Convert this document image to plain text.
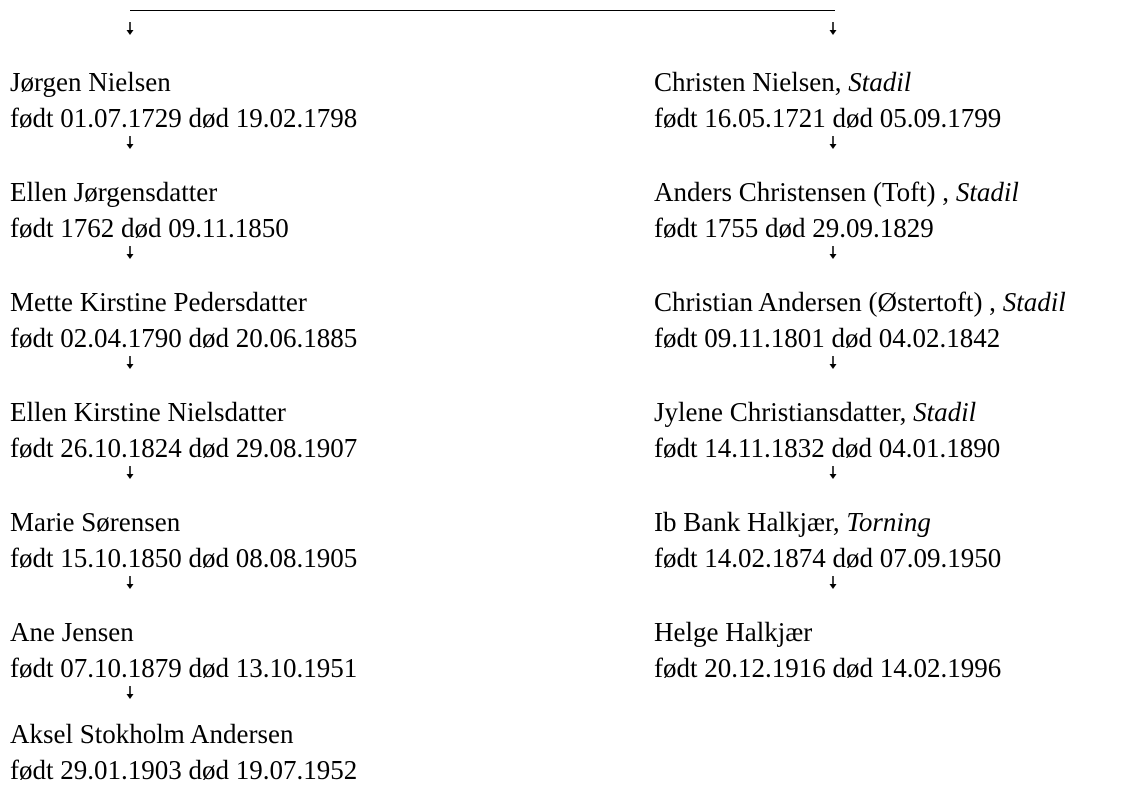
Jørgen Nielsen
født 01.07.1729 død 19.02.1798
Ellen Jørgensdatter
født 1762 død 09.11.1850
Mette Kirstine Pedersdatter
født 02.04.1790 død 20.06.1885
Ellen Kirstine Nielsdatter
født 26.10.1824 død 29.08.1907
Marie Sørensen
født 15.10.1850 død 08.08.1905
Ane Jensen
født 07.10.1879 død 13.10.1951
Aksel Stokholm Andersen
født 29.01.1903 død 19.07.1952
Christen Nielsen, Stadil
født 16.05.1721 død 05.09.1799
Anders Christensen (Toft) , Stadil
født 1755 død 29.09.1829
Christian Andersen (Østertoft) , Stadil
født 09.11.1801 død 04.02.1842
Jylene Christiansdatter, Stadil
født 14.11.1832 død 04.01.1890
Ib Bank Halkjær, Torning
født 14.02.1874 død 07.09.1950
Helge Halkjær
født 20.12.1916 død 14.02.1996
